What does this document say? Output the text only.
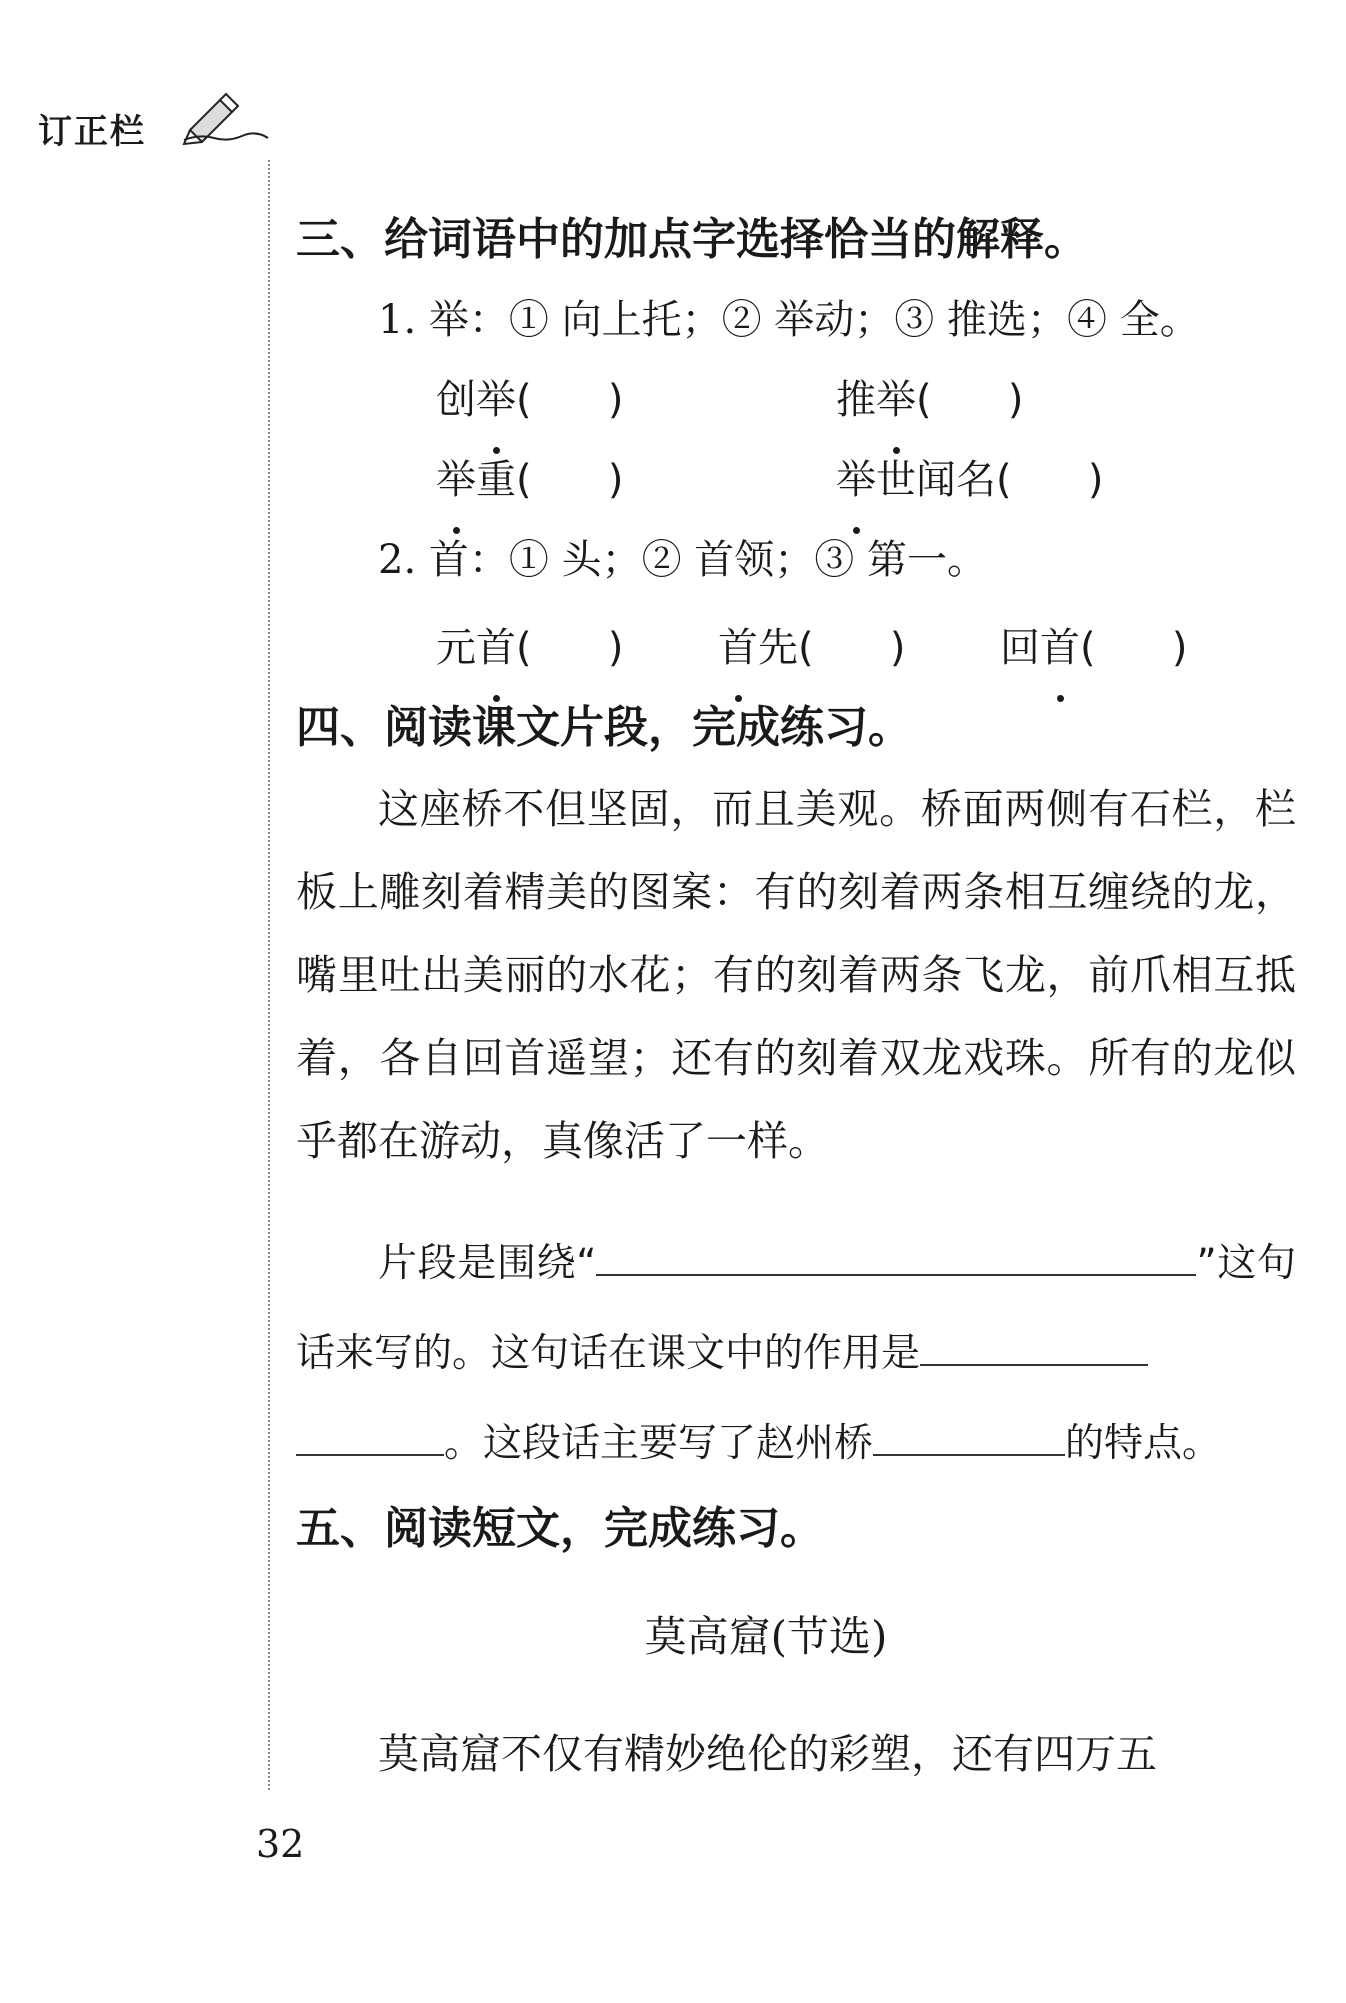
订正栏
三、给词语中的加点字选择恰当的解释。
1. 举：① 向上托；② 举动；③ 推选；④ 全。
创举(      )	推举(      )
举重(      )	举世闻名(      )
2. 首：① 头；② 首领；③ 第一。
元首(      ) 首先(      ) 回首(      )
四、阅读课文片段，完成练习。

这座桥不但坚固，而且美观。桥面两侧有石栏，栏板上雕刻着精美的图案：有的刻着两条相互缠绕的龙，嘴里吐出美丽的水花；有的刻着两条飞龙，前爪相互抵着，各自回首遥望；还有的刻着双龙戏珠。所有的龙似乎都在游动，真像活了一样。

片段是围绕“	”这句话来写的。这句话在课文中的作用是
。这段话主要写了赵州桥	的特点。

五、阅读短文，完成练习。
莫高窟(节选)

莫高窟不仅有精妙绝伦的彩塑，还有四万五

32
